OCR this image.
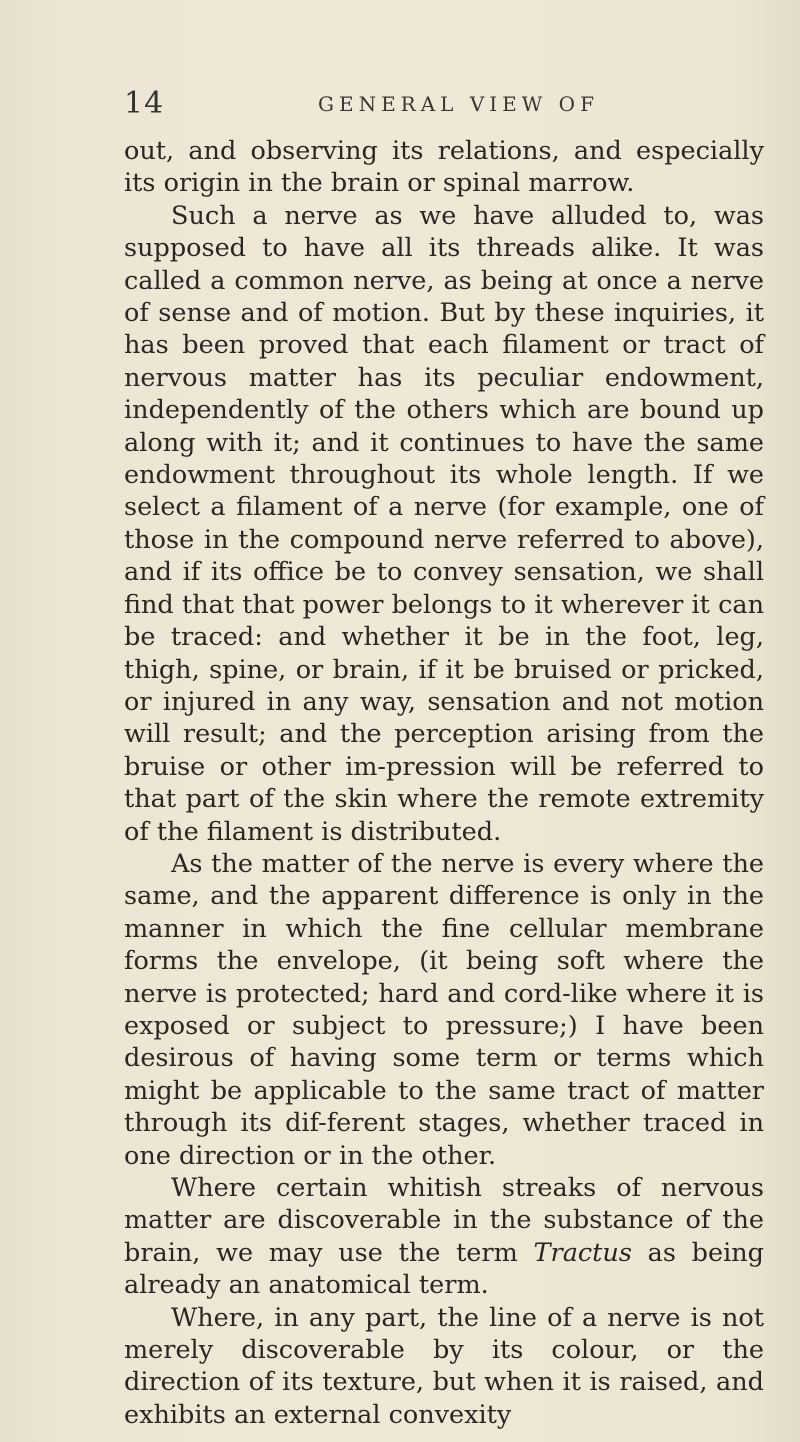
14	GENERAL VIEW OF

out, and observing its relations, and especially its origin in the brain or spinal marrow.

Such a nerve as we have alluded to, was supposed to have all its threads alike. It was called a common nerve, as being at once a nerve of sense and of motion. But by these inquiries, it has been proved that each filament or tract of nervous matter has its peculiar endowment, independently of the others which are bound up along with it; and it continues to have the same endowment throughout its whole length. If we select a filament of a nerve (for example, one of those in the compound nerve referred to above), and if its office be to convey sensation, we shall find that that power belongs to it wherever it can be traced: and whether it be in the foot, leg, thigh, spine, or brain, if it be bruised or pricked, or injured in any way, sensation and not motion will result; and the perception arising from the bruise or other im-pression will be referred to that part of the skin where the remote extremity of the filament is distributed.

As the matter of the nerve is every where the same, and the apparent difference is only in the manner in which the fine cellular membrane forms the envelope, (it being soft where the nerve is protected; hard and cord-like where it is exposed or subject to pressure;) I have been desirous of having some term or terms which might be applicable to the same tract of matter through its dif-ferent stages, whether traced in one direction or in the other.

Where certain whitish streaks of nervous matter are discoverable in the substance of the brain, we may use the term Tractus as being already an anatomical term.

Where, in any part, the line of a nerve is not merely discoverable by its colour, or the direction of its texture, but when it is raised, and exhibits an external convexity
